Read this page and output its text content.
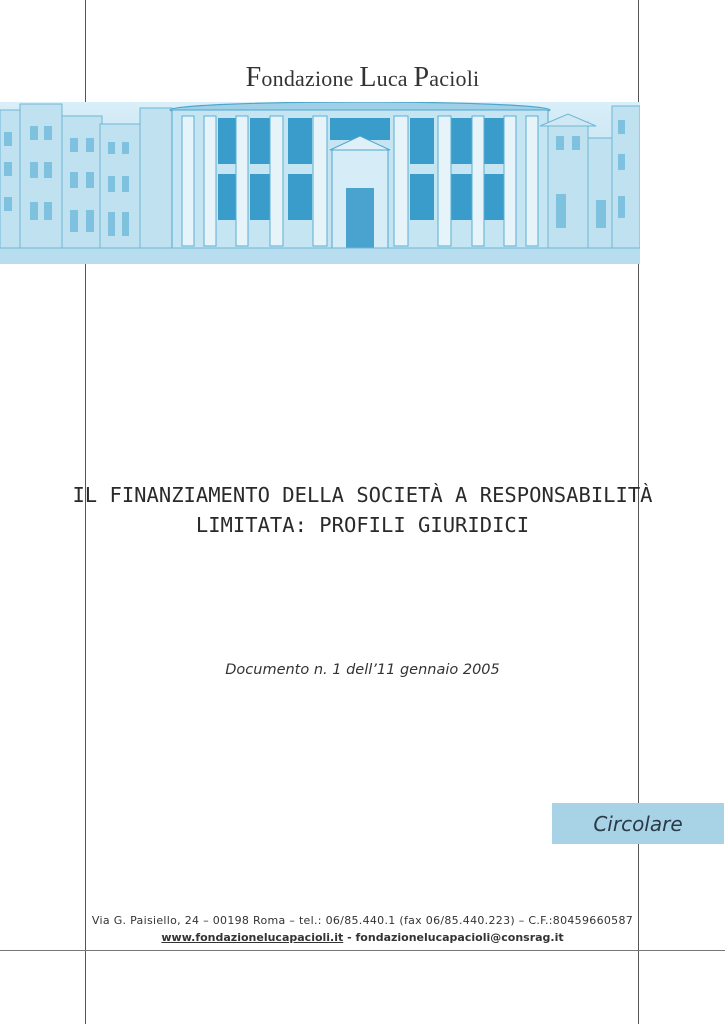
Fondazione Luca Pacioli
IL FINANZIAMENTO DELLA SOCIETÀ A RESPONSABILITÀ
LIMITATA: PROFILI GIURIDICI
Documento n. 1 dell’11 gennaio 2005
Circolare
Via G. Paisiello, 24 – 00198 Roma – tel.: 06/85.440.1 (fax 06/85.440.223) – C.F.:80459660587
www.fondazionelucapacioli.it - fondazionelucapacioli@consrag.it
